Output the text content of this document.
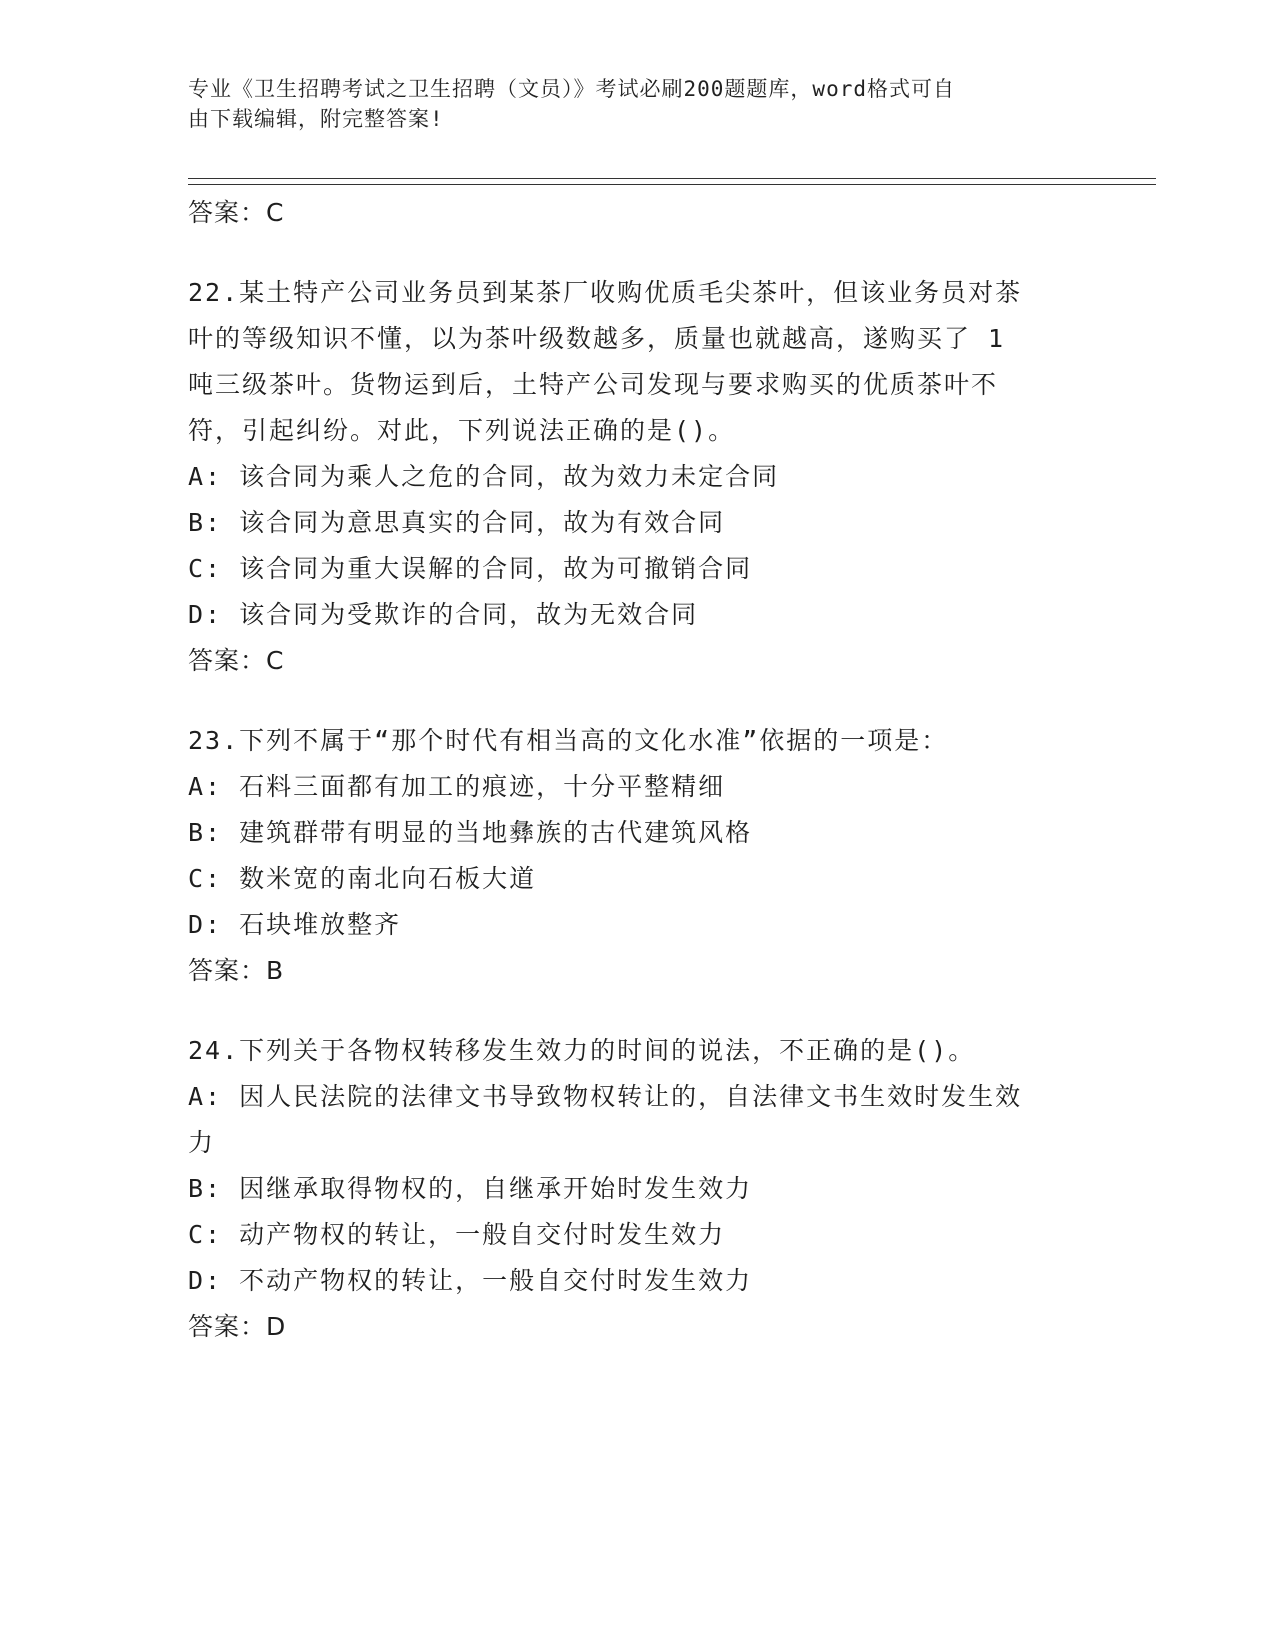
专业《卫生招聘考试之卫生招聘（文员）》考试必刷200题题库，word格式可自
由下载编辑，附完整答案!
答案：C
22.某土特产公司业务员到某茶厂收购优质毛尖茶叶，但该业务员对茶
叶的等级知识不懂，以为茶叶级数越多，质量也就越高，遂购买了 1
吨三级茶叶。货物运到后，土特产公司发现与要求购买的优质茶叶不
符，引起纠纷。对此，下列说法正确的是()。
A: 该合同为乘人之危的合同，故为效力未定合同
B: 该合同为意思真实的合同，故为有效合同
C: 该合同为重大误解的合同，故为可撤销合同
D: 该合同为受欺诈的合同，故为无效合同
答案：C
23.下列不属于“那个时代有相当高的文化水准”依据的一项是：
A: 石料三面都有加工的痕迹，十分平整精细
B: 建筑群带有明显的当地彝族的古代建筑风格
C: 数米宽的南北向石板大道
D: 石块堆放整齐
答案：B
24.下列关于各物权转移发生效力的时间的说法，不正确的是()。
A: 因人民法院的法律文书导致物权转让的，自法律文书生效时发生效
力
B: 因继承取得物权的，自继承开始时发生效力
C: 动产物权的转让，一般自交付时发生效力
D: 不动产物权的转让，一般自交付时发生效力
答案：D
